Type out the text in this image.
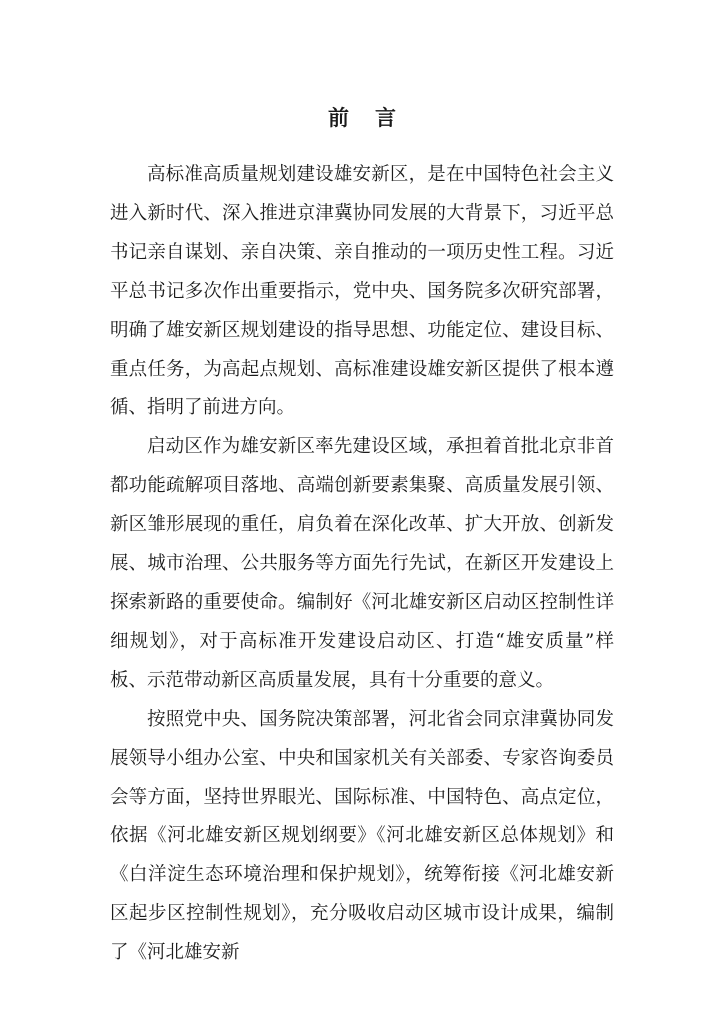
前 言

高标准高质量规划建设雄安新区，是在中国特色社会主义进入新时代、深入推进京津冀协同发展的大背景下，习近平总书记亲自谋划、亲自决策、亲自推动的一项历史性工程。习近平总书记多次作出重要指示，党中央、国务院多次研究部署，明确了雄安新区规划建设的指导思想、功能定位、建设目标、重点任务，为高起点规划、高标准建设雄安新区提供了根本遵循、指明了前进方向。

启动区作为雄安新区率先建设区域，承担着首批北京非首都功能疏解项目落地、高端创新要素集聚、高质量发展引领、新区雏形展现的重任，肩负着在深化改革、扩大开放、创新发展、城市治理、公共服务等方面先行先试，在新区开发建设上探索新路的重要使命。编制好《河北雄安新区启动区控制性详细规划》，对于高标准开发建设启动区、打造“雄安质量”样板、示范带动新区高质量发展，具有十分重要的意义。

按照党中央、国务院决策部署，河北省会同京津冀协同发展领导小组办公室、中央和国家机关有关部委、专家咨询委员会等方面，坚持世界眼光、国际标准、中国特色、高点定位，依据《河北雄安新区规划纲要》《河北雄安新区总体规划》和《白洋淀生态环境治理和保护规划》，统筹衔接《河北雄安新区起步区控制性规划》，充分吸收启动区城市设计成果，编制了《河北雄安新
